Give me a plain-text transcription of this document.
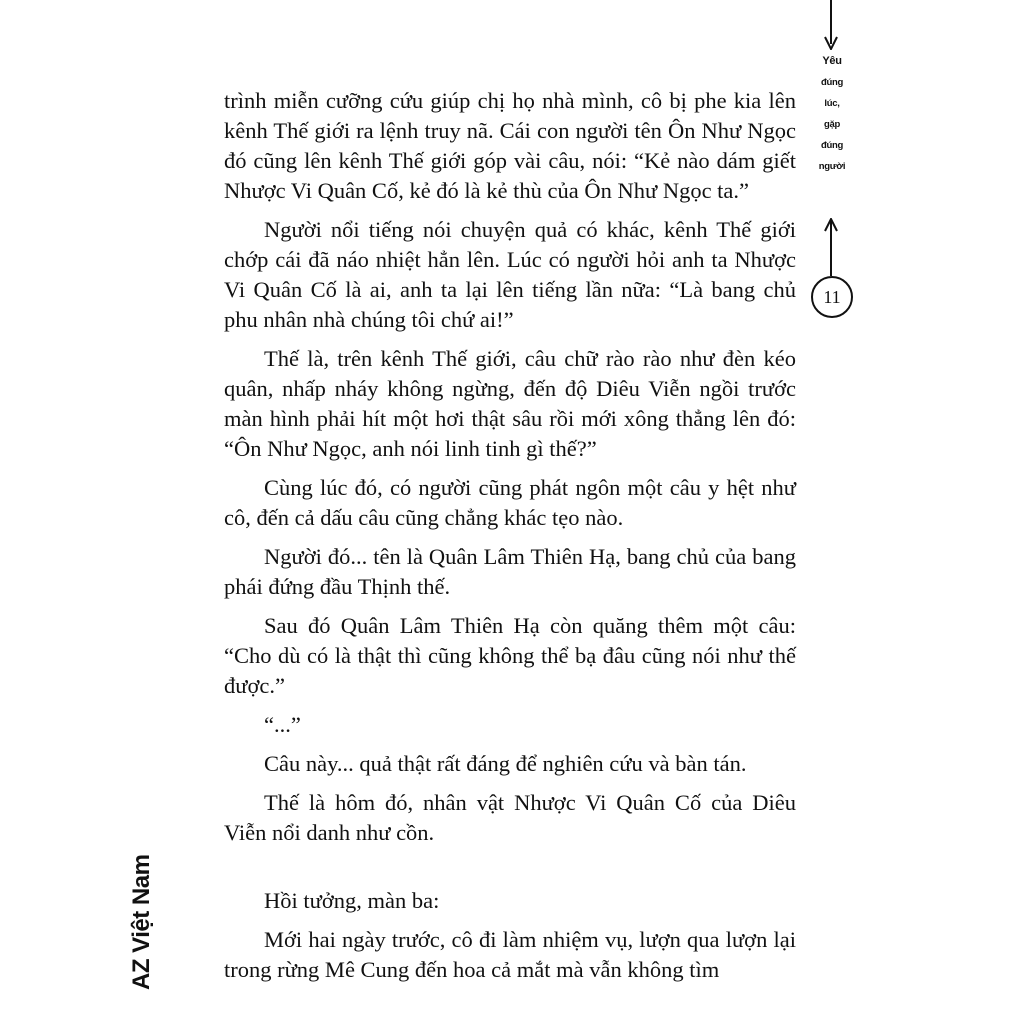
trình miễn cưỡng cứu giúp chị họ nhà mình, cô bị phe kia lên kênh Thế giới ra lệnh truy nã. Cái con người tên Ôn Như Ngọc đó cũng lên kênh Thế giới góp vài câu, nói: “Kẻ nào dám giết Nhược Vi Quân Cố, kẻ đó là kẻ thù của Ôn Như Ngọc ta.”

Người nổi tiếng nói chuyện quả có khác, kênh Thế giới chớp cái đã náo nhiệt hẳn lên. Lúc có người hỏi anh ta Nhược Vi Quân Cố là ai, anh ta lại lên tiếng lần nữa: “Là bang chủ phu nhân nhà chúng tôi chứ ai!”

Thế là, trên kênh Thế giới, câu chữ rào rào như đèn kéo quân, nhấp nháy không ngừng, đến độ Diêu Viễn ngồi trước màn hình phải hít một hơi thật sâu rồi mới xông thẳng lên đó: “Ôn Như Ngọc, anh nói linh tinh gì thế?”

Cùng lúc đó, có người cũng phát ngôn một câu y hệt như cô, đến cả dấu câu cũng chẳng khác tẹo nào.

Người đó... tên là Quân Lâm Thiên Hạ, bang chủ của bang phái đứng đầu Thịnh thế.

Sau đó Quân Lâm Thiên Hạ còn quăng thêm một câu: “Cho dù có là thật thì cũng không thể bạ đâu cũng nói như thế được.”

“...”

Câu này... quả thật rất đáng để nghiên cứu và bàn tán.

Thế là hôm đó, nhân vật Nhược Vi Quân Cố của Diêu Viễn nổi danh như cồn.

Hồi tưởng, màn ba:

Mới hai ngày trước, cô đi làm nhiệm vụ, lượn qua lượn lại trong rừng Mê Cung đến hoa cả mắt mà vẫn không tìm

Yêu
đúng
lúc,
gặp
đúng
người
11
AZ Việt Nam
